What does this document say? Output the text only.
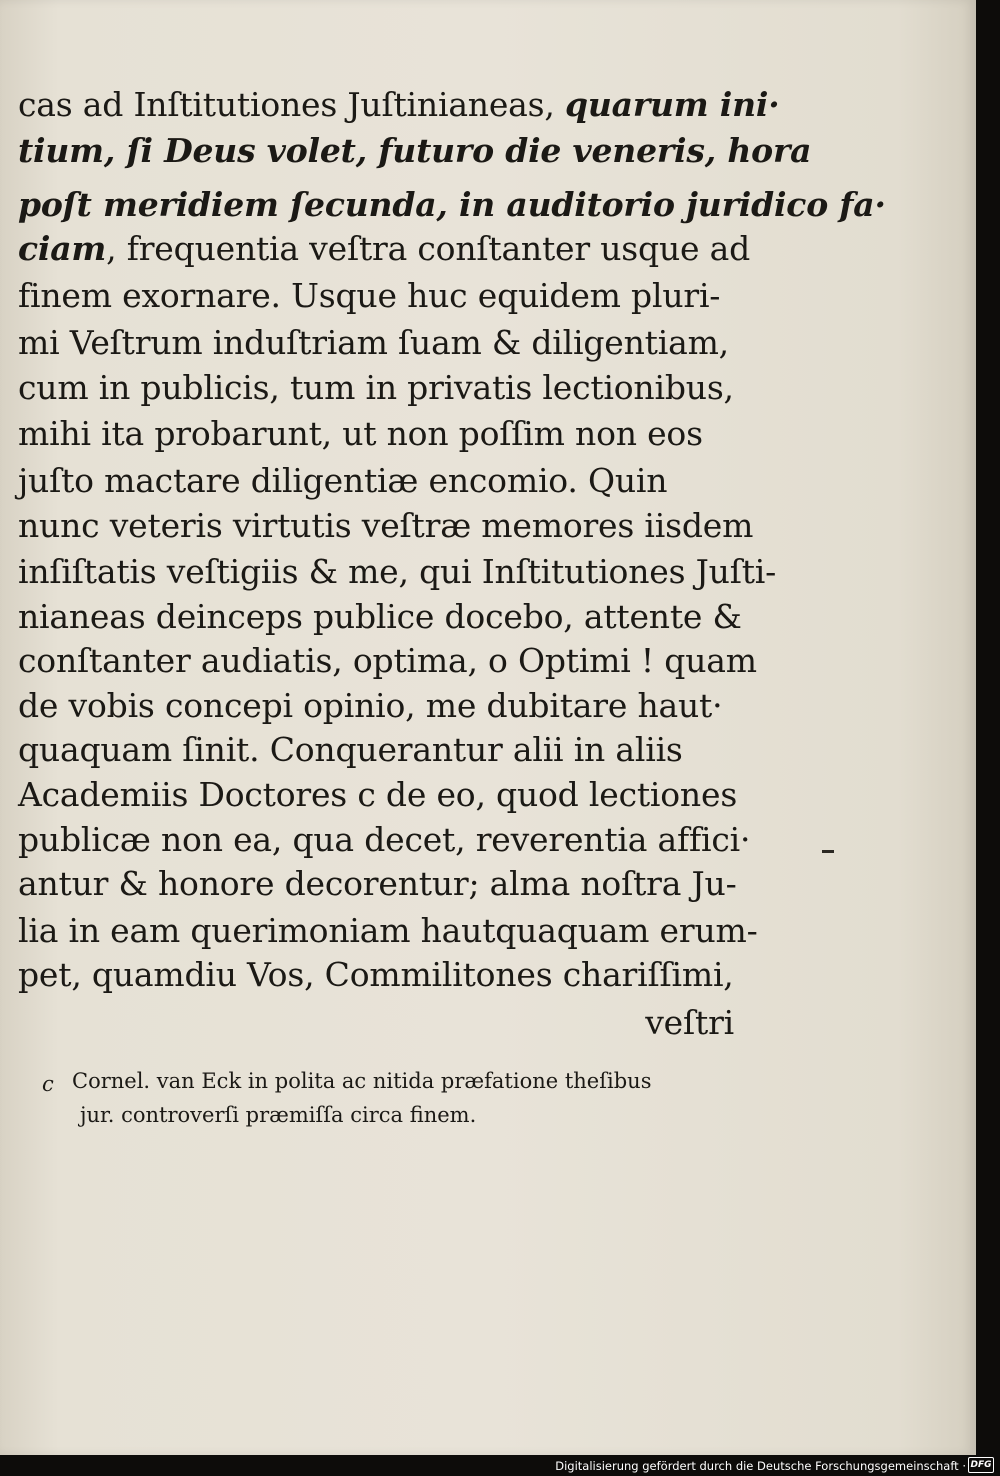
cas ad Inſtitutiones Juſtinianeas, quarum ini·
tium, ſi Deus volet, futuro die veneris, hora
poſt meridiem ſecunda, in auditorio juridico fa·
ciam, frequentia veſtra conſtanter usque ad
finem exornare. Usque huc equidem pluri-
mi Veſtrum induſtriam ſuam & diligentiam,
cum in publicis, tum in privatis lectionibus,
mihi ita probarunt, ut non poſſim non eos
juſto mactare diligentiæ encomio. Quin
nunc veteris virtutis veſtræ memores iisdem
inſiſtatis veſtigiis & me, qui Inſtitutiones Juſti-
nianeas deinceps publice docebo, attente &
conſtanter audiatis, optima, o Optimi ! quam
de vobis concepi opinio, me dubitare haut·
quaquam ſinit. Conquerantur alii in aliis
Academiis Doctores c de eo, quod lectiones
publicæ non ea, qua decet, reverentia affici·
antur & honore decorentur; alma noſtra Ju-
lia in eam querimoniam hautquaquam erum-
pet, quamdiu Vos, Commilitones chariſſimi,
veſtri
c Cornel. van Eck in polita ac nitida præfatione theſibus
jur. controverſi præmiſſa circa finem.
Digitalisierung gefördert durch die Deutsche Forschungsgemeinschaft · DFG
